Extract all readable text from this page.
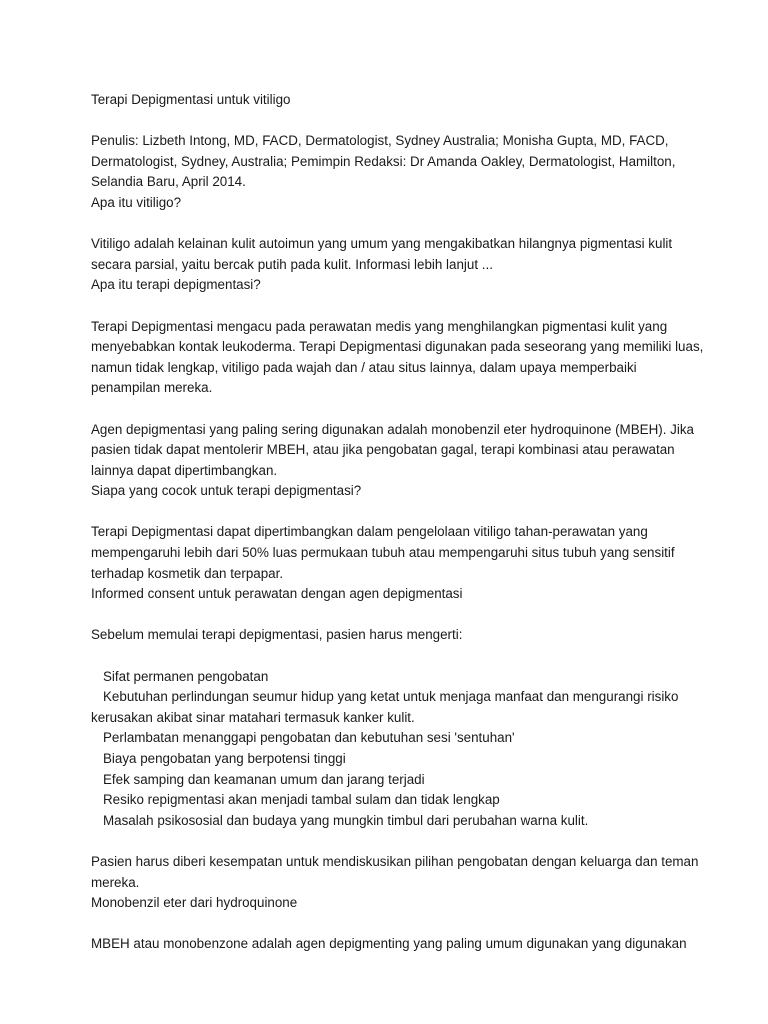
Terapi Depigmentasi untuk vitiligo

Penulis: Lizbeth Intong, MD, FACD, Dermatologist, Sydney Australia; Monisha Gupta, MD, FACD,

Dermatologist, Sydney, Australia; Pemimpin Redaksi: Dr Amanda Oakley, Dermatologist, Hamilton,

Selandia Baru, April 2014.

Apa itu vitiligo?

Vitiligo adalah kelainan kulit autoimun yang umum yang mengakibatkan hilangnya pigmentasi kulit

secara parsial, yaitu bercak putih pada kulit. Informasi lebih lanjut ...

Apa itu terapi depigmentasi?

Terapi Depigmentasi mengacu pada perawatan medis yang menghilangkan pigmentasi kulit yang

menyebabkan kontak leukoderma. Terapi Depigmentasi digunakan pada seseorang yang memiliki luas,

namun tidak lengkap, vitiligo pada wajah dan / atau situs lainnya, dalam upaya memperbaiki

penampilan mereka.

Agen depigmentasi yang paling sering digunakan adalah monobenzil eter hydroquinone (MBEH). Jika

pasien tidak dapat mentolerir MBEH, atau jika pengobatan gagal, terapi kombinasi atau perawatan

lainnya dapat dipertimbangkan.

Siapa yang cocok untuk terapi depigmentasi?

Terapi Depigmentasi dapat dipertimbangkan dalam pengelolaan vitiligo tahan-perawatan yang

mempengaruhi lebih dari 50% luas permukaan tubuh atau mempengaruhi situs tubuh yang sensitif

terhadap kosmetik dan terpapar.

Informed consent untuk perawatan dengan agen depigmentasi

Sebelum memulai terapi depigmentasi, pasien harus mengerti:

Sifat permanen pengobatan

Kebutuhan perlindungan seumur hidup yang ketat untuk menjaga manfaat dan mengurangi risiko

kerusakan akibat sinar matahari termasuk kanker kulit.

Perlambatan menanggapi pengobatan dan kebutuhan sesi 'sentuhan'

Biaya pengobatan yang berpotensi tinggi

Efek samping dan keamanan umum dan jarang terjadi

Resiko repigmentasi akan menjadi tambal sulam dan tidak lengkap

Masalah psikososial dan budaya yang mungkin timbul dari perubahan warna kulit.

Pasien harus diberi kesempatan untuk mendiskusikan pilihan pengobatan dengan keluarga dan teman

mereka.

Monobenzil eter dari hydroquinone

MBEH atau monobenzone adalah agen depigmenting yang paling umum digunakan yang digunakan
